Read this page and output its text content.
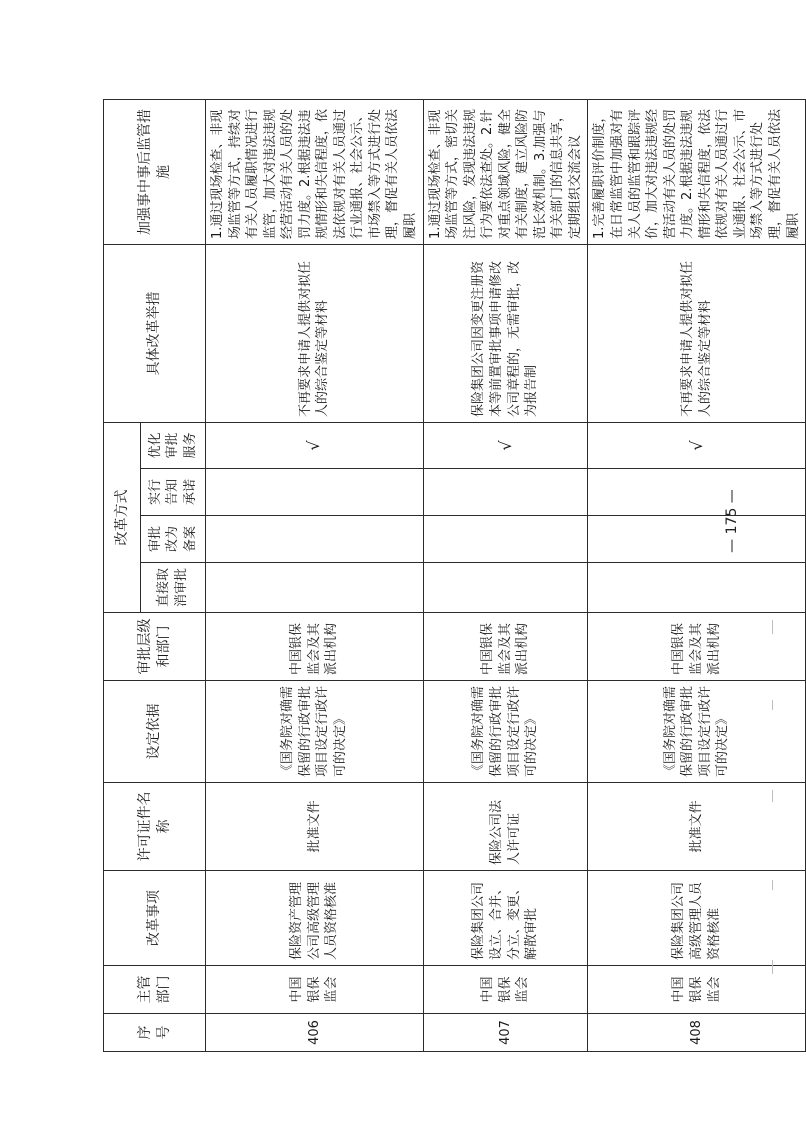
序号	主管部门	改革事项	许可证件名称	设定依据	审批层级和部门	改革方式				具体改革举措	加强事中事后监管措施
						直接取消审批	审批改为备案	实行告知承诺	优化审批服务		
406	中国银保监会	保险资产管理公司高级管理人员资格核准	批准文件	《国务院对确需保留的行政审批项目设定行政许可的决定》	中国银保监会及其派出机构				√	不再要求申请人提供对拟任人的综合鉴定等材料	1.通过现场检查、非现场监管等方式，持续对有关人员履职情况进行监管，加大对违法违规经营活动有关人员的处罚力度。2.根据违法违规情形和失信程度，依法依规对有关人员通过行业通报、社会公示、市场禁入等方式进行处理，督促有关人员依法履职
407	中国银保监会	保险集团公司设立、合并、分立、变更、解散审批	保险公司法人许可证	《国务院对确需保留的行政审批项目设定行政许可的决定》	中国银保监会及其派出机构				√	保险集团公司因变更注册资本等前置审批事项申请修改公司章程的，无需审批，改为报告制	1.通过现场检查、非现场监管等方式，密切关注风险，发现违法违规行为要依法查处。2.针对重点领域风险，健全有关制度，建立风险防范长效机制。3.加强与有关部门的信息共享，定期组织交流会议
408	中国银保监会	保险集团公司高级管理人员资格核准	批准文件	《国务院对确需保留的行政审批项目设定行政许可的决定》	中国银保监会及其派出机构				√	不再要求申请人提供对拟任人的综合鉴定等材料	1.完善履职评价制度，在日常监管中加强对有关人员的监管和跟踪评价，加大对违法违规经营活动有关人员的处罚力度。2.根据违法违规情形和失信程度，依法依规对有关人员通过行业通报、社会公示、市场禁入等方式进行处理，督促有关人员依法履职
— 175 —
